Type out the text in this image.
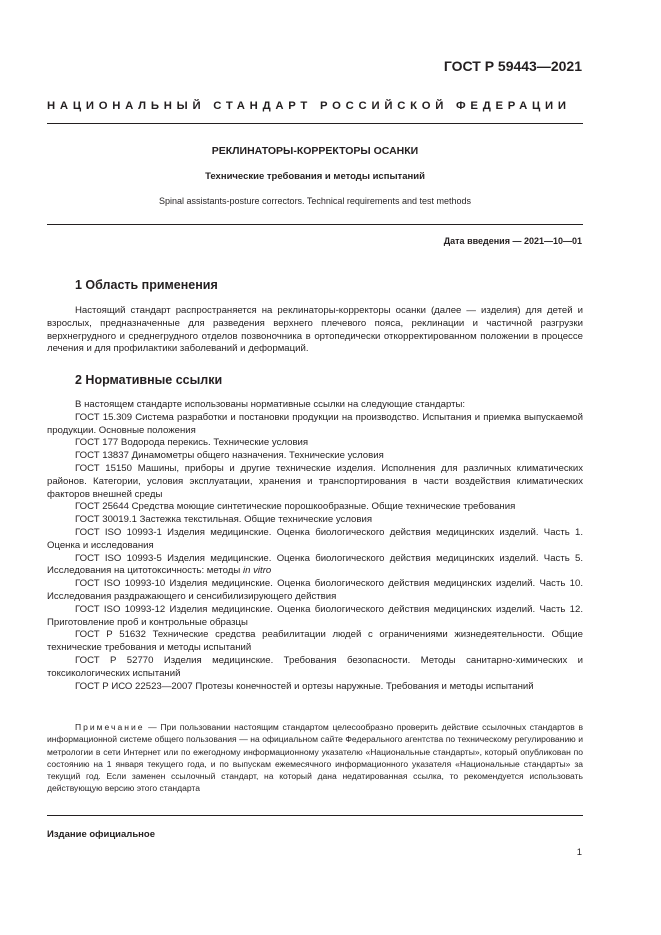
ГОСТ Р 59443—2021
НАЦИОНАЛЬНЫЙ СТАНДАРТ РОССИЙСКОЙ ФЕДЕРАЦИИ
РЕКЛИНАТОРЫ-КОРРЕКТОРЫ ОСАНКИ
Технические требования и методы испытаний
Spinal assistants-posture correctors. Technical requirements and test methods
Дата введения — 2021—10—01
1 Область применения

Настоящий стандарт распространяется на реклинаторы-корректоры осанки (далее — изделия) для детей и взрослых, предназначенные для разведения верхнего плечевого пояса, реклинации и частичной разгрузки верхнегрудного и среднегрудного отделов позвоночника в ортопедически откорректированном положении в процессе лечения и для профилактики заболеваний и деформаций.

2 Нормативные ссылки

В настоящем стандарте использованы нормативные ссылки на следующие стандарты:

ГОСТ 15.309 Система разработки и постановки продукции на производство. Испытания и приемка выпускаемой продукции. Основные положения

ГОСТ 177 Водорода перекись. Технические условия

ГОСТ 13837 Динамометры общего назначения. Технические условия

ГОСТ 15150 Машины, приборы и другие технические изделия. Исполнения для различных климатических районов. Категории, условия эксплуатации, хранения и транспортирования в части воздействия климатических факторов внешней среды

ГОСТ 25644 Средства моющие синтетические порошкообразные. Общие технические требования

ГОСТ 30019.1 Застежка текстильная. Общие технические условия

ГОСТ ISO 10993-1 Изделия медицинские. Оценка биологического действия медицинских изделий. Часть 1. Оценка и исследования

ГОСТ ISO 10993-5 Изделия медицинские. Оценка биологического действия медицинских изделий. Часть 5. Исследования на цитотоксичность: методы in vitro

ГОСТ ISO 10993-10 Изделия медицинские. Оценка биологического действия медицинских изделий. Часть 10. Исследования раздражающего и сенсибилизирующего действия

ГОСТ ISO 10993-12 Изделия медицинские. Оценка биологического действия медицинских изделий. Часть 12. Приготовление проб и контрольные образцы

ГОСТ Р 51632 Технические средства реабилитации людей с ограничениями жизнедеятельности. Общие технические требования и методы испытаний

ГОСТ Р 52770 Изделия медицинские. Требования безопасности. Методы санитарно-химических и токсикологических испытаний

ГОСТ Р ИСО 22523—2007 Протезы конечностей и ортезы наружные. Требования и методы испытаний

Примечание — При пользовании настоящим стандартом целесообразно проверить действие ссылочных стандартов в информационной системе общего пользования — на официальном сайте Федерального агентства по техническому регулированию и метрологии в сети Интернет или по ежегодному информационному указателю «Национальные стандарты», который опубликован по состоянию на 1 января текущего года, и по выпускам ежемесячного информационного указателя «Национальные стандарты» за текущий год. Если заменен ссылочный стандарт, на который дана недатированная ссылка, то рекомендуется использовать действующую версию этого стандарта

Издание официальное
1
